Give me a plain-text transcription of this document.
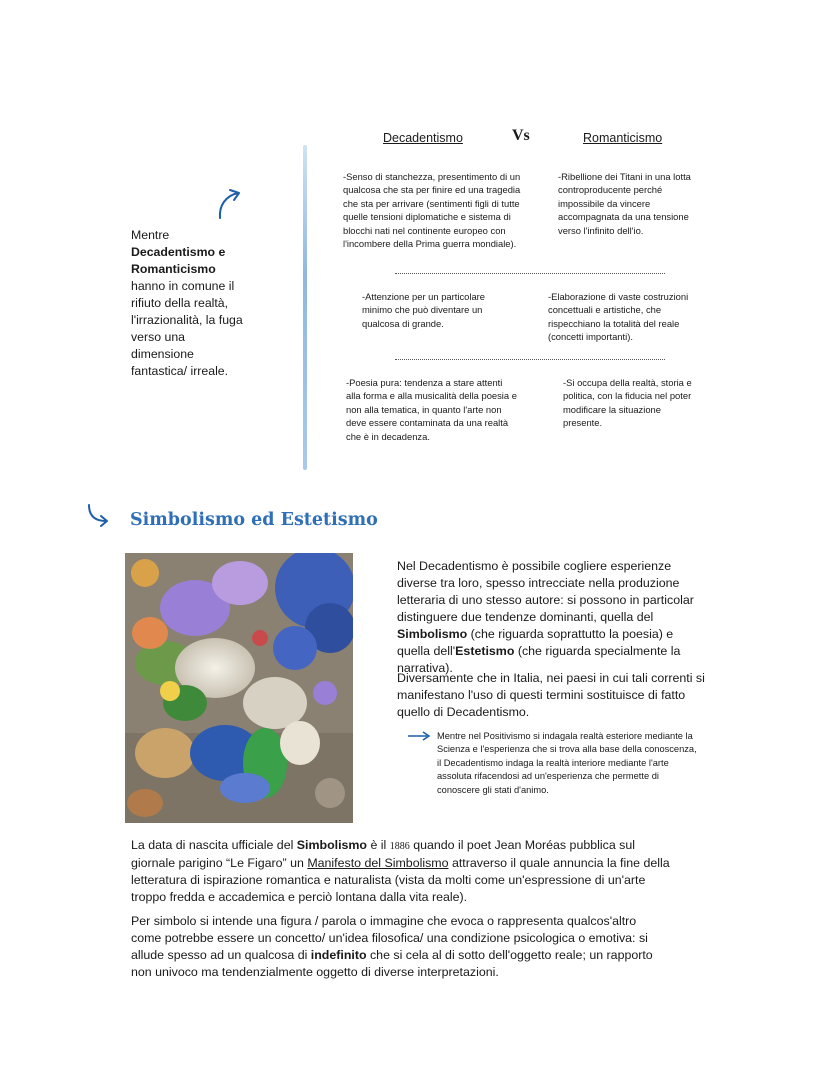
Decadentismo	Vs	Romanticismo
Mentre
Decadentismo e Romanticismo hanno in comune il rifiuto della realtà, l'irrazionalità, la fuga verso una dimensione fantastica/ irreale.
-Senso di stanchezza, presentimento di un qualcosa che sta per finire ed una tragedia che sta per arrivare (sentimenti figli di tutte quelle tensioni diplomatiche e sistema di blocchi nati nel continente europeo con l'incombere della Prima guerra mondiale).
-Ribellione dei Titani in una lotta controproducente perché impossibile da vincere accompagnata da una tensione verso l'infinito dell'io.
-Attenzione per un particolare minimo che può diventare un qualcosa di grande.
-Elaborazione di vaste costruzioni concettuali e artistiche, che rispecchiano la totalità del reale (concetti importanti).
-Poesia pura: tendenza a stare attenti alla forma e alla musicalità della poesia e non alla tematica, in quanto l'arte non deve essere contaminata da una realtà che è in decadenza.
-Si occupa della realtà, storia e politica, con la fiducia nel poter modificare la situazione presente.
Simbolismo ed Estetismo
Nel Decadentismo è possibile cogliere esperienze diverse tra loro, spesso intrecciate nella produzione letteraria di uno stesso autore: si possono in particolar distinguere due tendenze dominanti, quella del Simbolismo (che riguarda soprattutto la poesia) e quella dell'Estetismo (che riguarda specialmente la narrativa).
Diversamente che in Italia, nei paesi in cui tali correnti si manifestano l'uso di questi termini sostituisce di fatto quello di Decadentismo.
Mentre nel Positivismo si indagala realtà esteriore mediante la Scienza e l'esperienza che si trova alla base della conoscenza, il Decadentismo indaga la realtà interiore mediante l'arte assoluta rifacendosi ad un'esperienza che permette di conoscere gli stati d'animo.
La data di nascita ufficiale del Simbolismo è il 1886 quando il poet Jean Moréas pubblica sul giornale parigino “Le Figaro” un Manifesto del Simbolismo attraverso il quale annuncia la fine della letteratura di ispirazione romantica e naturalista (vista da molti come un'espressione di un'arte troppo fredda e accademica e perciò lontana dalla vita reale).
Per simbolo si intende una figura / parola o immagine che evoca o rappresenta qualcos'altro come potrebbe essere un concetto/ un'idea filosofica/ una condizione psicologica o emotiva: si allude spesso ad un qualcosa di indefinito che si cela al di sotto dell'oggetto reale; un rapporto non univoco ma tendenzialmente oggetto di diverse interpretazioni.
